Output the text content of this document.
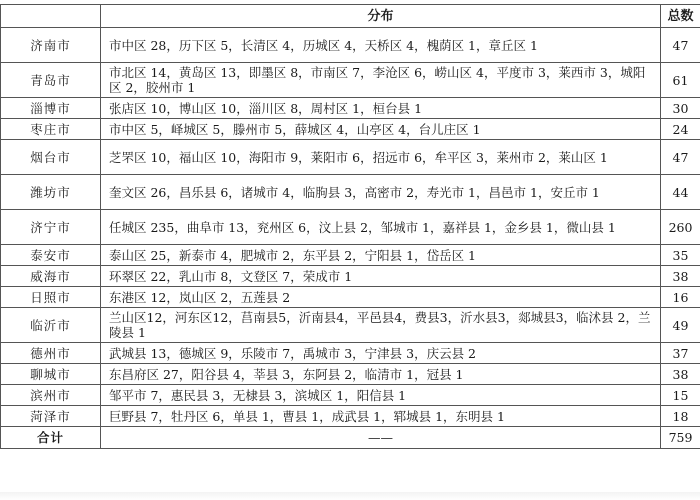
	分布	总数
济南市	市中区 28，历下区 5，长清区 4，历城区 4，天桥区 4，槐荫区 1，章丘区 1	47
青岛市	市北区 14，黄岛区 13，即墨区 8，市南区 7，李沧区 6，崂山区 4，平度市 3，莱西市 3，城阳区 2，胶州市 1	61
淄博市	张店区 10，博山区 10，淄川区 8，周村区 1，桓台县 1	30
枣庄市	市中区 5，峄城区 5，滕州市 5，薛城区 4，山亭区 4，台儿庄区 1	24
烟台市	芝罘区 10，福山区 10，海阳市 9，莱阳市 6，招远市 6，牟平区 3，莱州市 2，莱山区 1	47
潍坊市	奎文区 26，昌乐县 6，诸城市 4，临朐县 3，高密市 2，寿光市 1，昌邑市 1，安丘市 1	44
济宁市	任城区 235，曲阜市 13，兖州区 6，汶上县 2，邹城市 1，嘉祥县 1，金乡县 1，微山县 1	260
泰安市	泰山区 25，新泰市 4，肥城市 2，东平县 2，宁阳县 1，岱岳区 1	35
威海市	环翠区 22，乳山市 8，文登区 7，荣成市 1	38
日照市	东港区 12，岚山区 2，五莲县 2	16
临沂市	兰山区12，河东区12，莒南县5，沂南县4，平邑县4，费县3，沂水县3，郯城县3，临沭县 2，兰陵县 1	49
德州市	武城县 13，德城区 9，乐陵市 7，禹城市 3，宁津县 3，庆云县 2	37
聊城市	东昌府区 27，阳谷县 4，莘县 3，东阿县 2，临清市 1，冠县 1	38
滨州市	邹平市 7，惠民县 3，无棣县 3，滨城区 1，阳信县 1	15
菏泽市	巨野县 7，牡丹区 6，单县 1，曹县 1，成武县 1，郓城县 1，东明县 1	18
合计	——	759
